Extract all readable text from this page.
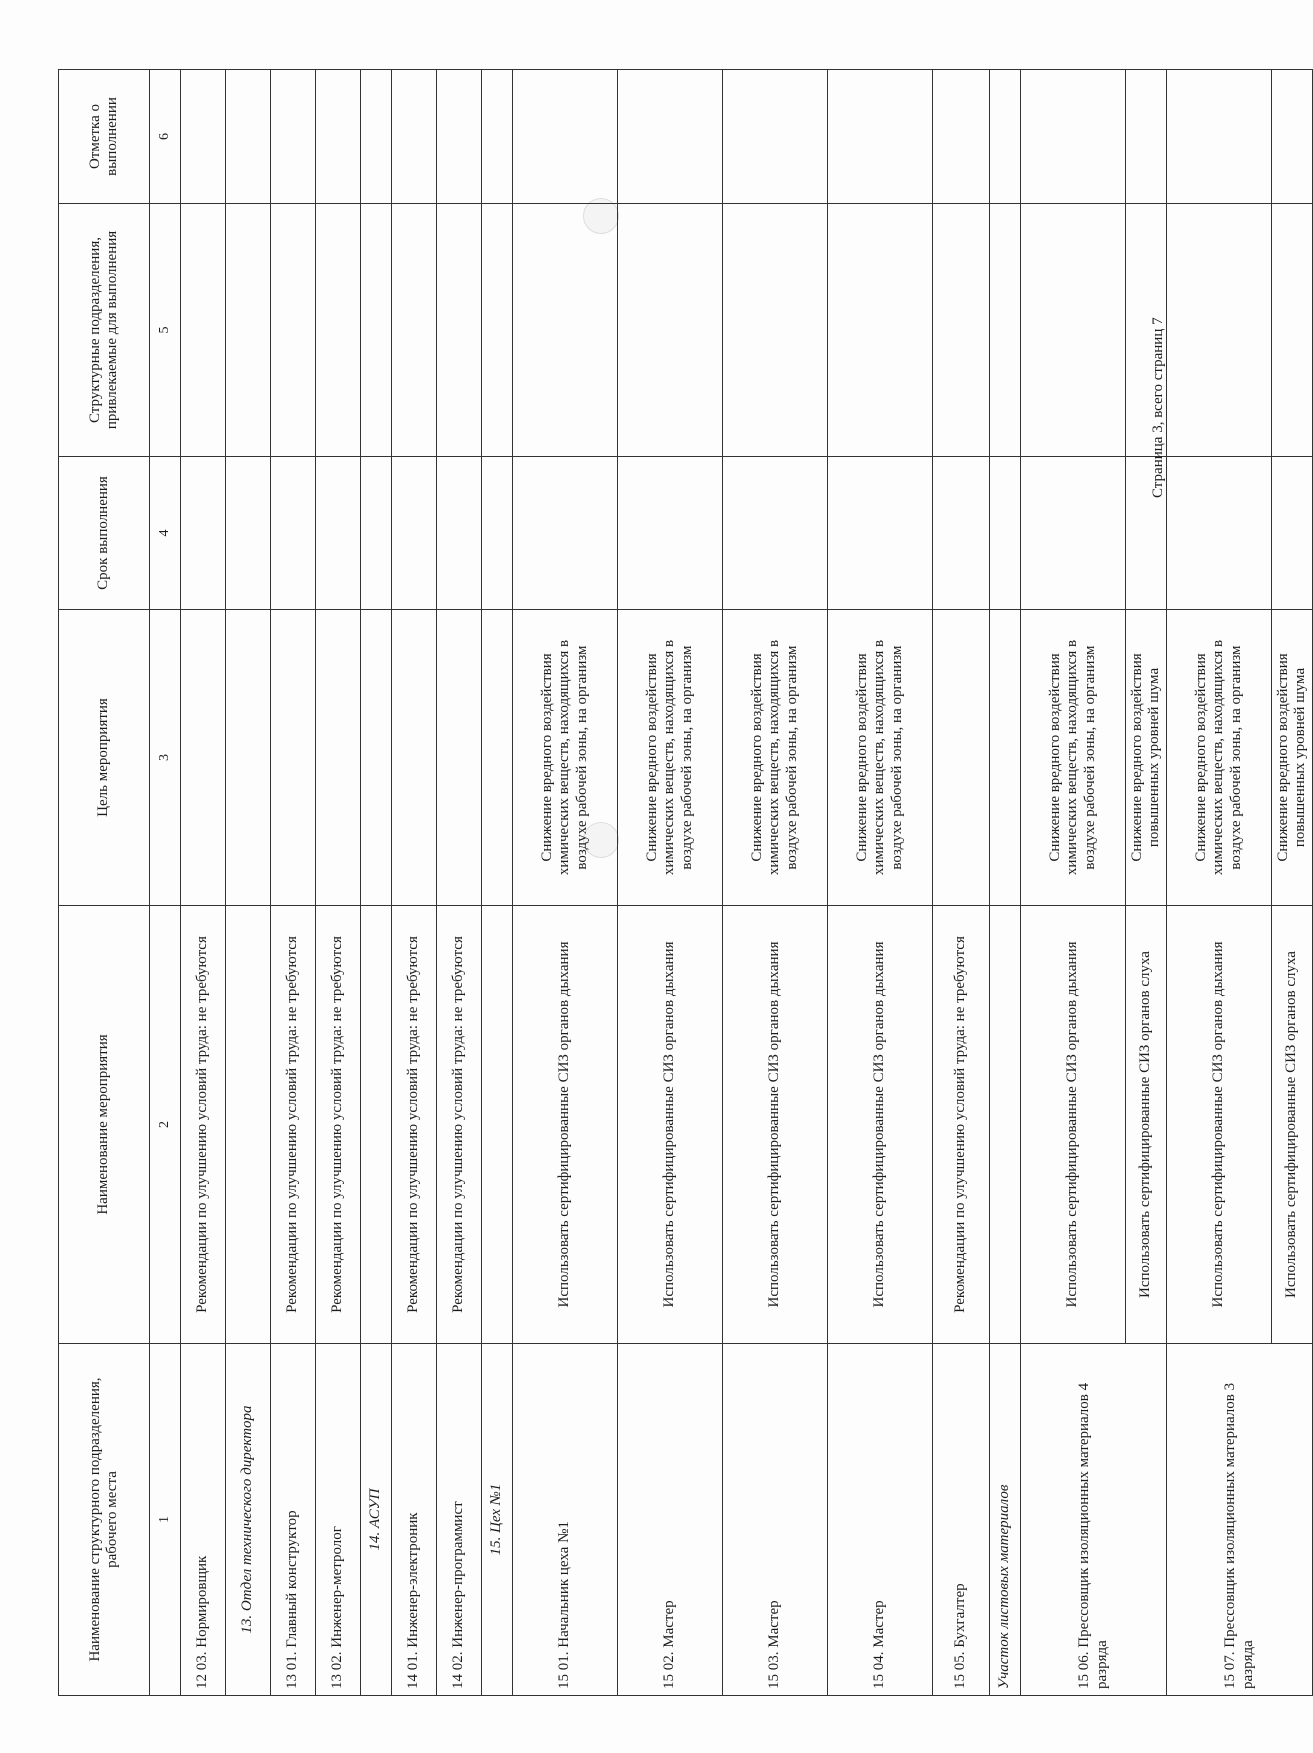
Наименование структурного подразделения, рабочего места	Наименование мероприятия	Цель мероприятия	Срок выполнения	Структурные подразделения, привлекаемые для выполнения	Отметка о выполнении
1	2	3	4	5	6
12 03. Нормировщик	Рекомендации по улучшению условий труда: не требуются				
13. Отдел технического директора					
13 01. Главный конструктор	Рекомендации по улучшению условий труда: не требуются				
13 02. Инженер-метролог	Рекомендации по улучшению условий труда: не требуются				
14. АСУП					
14 01. Инженер-электроник	Рекомендации по улучшению условий труда: не требуются				
14 02. Инженер-программист	Рекомендации по улучшению условий труда: не требуются				
15. Цех №1					
15 01. Начальник цеха №1	Использовать сертифицированные СИЗ органов дыхания	Снижение вредного воздействия химических веществ, находящихся в воздухе рабочей зоны, на организм			
15 02. Мастер	Использовать сертифицированные СИЗ органов дыхания	Снижение вредного воздействия химических веществ, находящихся в воздухе рабочей зоны, на организм			
15 03. Мастер	Использовать сертифицированные СИЗ органов дыхания	Снижение вредного воздействия химических веществ, находящихся в воздухе рабочей зоны, на организм			
15 04. Мастер	Использовать сертифицированные СИЗ органов дыхания	Снижение вредного воздействия химических веществ, находящихся в воздухе рабочей зоны, на организм			
15 05. Бухгалтер	Рекомендации по улучшению условий труда: не требуются				
Участок листовых материалов					
15 06. Прессовщик изоляционных материалов 4 разряда	Использовать сертифицированные СИЗ органов дыхания	Снижение вредного воздействия химических веществ, находящихся в воздухе рабочей зоны, на организм			
	Использовать сертифицированные СИЗ органов слуха	Снижение вредного воздействия повышенных уровней шума			
15 07. Прессовщик изоляционных материалов 3 разряда	Использовать сертифицированные СИЗ органов дыхания	Снижение вредного воздействия химических веществ, находящихся в воздухе рабочей зоны, на организм			
	Использовать сертифицированные СИЗ органов слуха	Снижение вредного воздействия повышенных уровней шума			
Страница 3, всего страниц 7
